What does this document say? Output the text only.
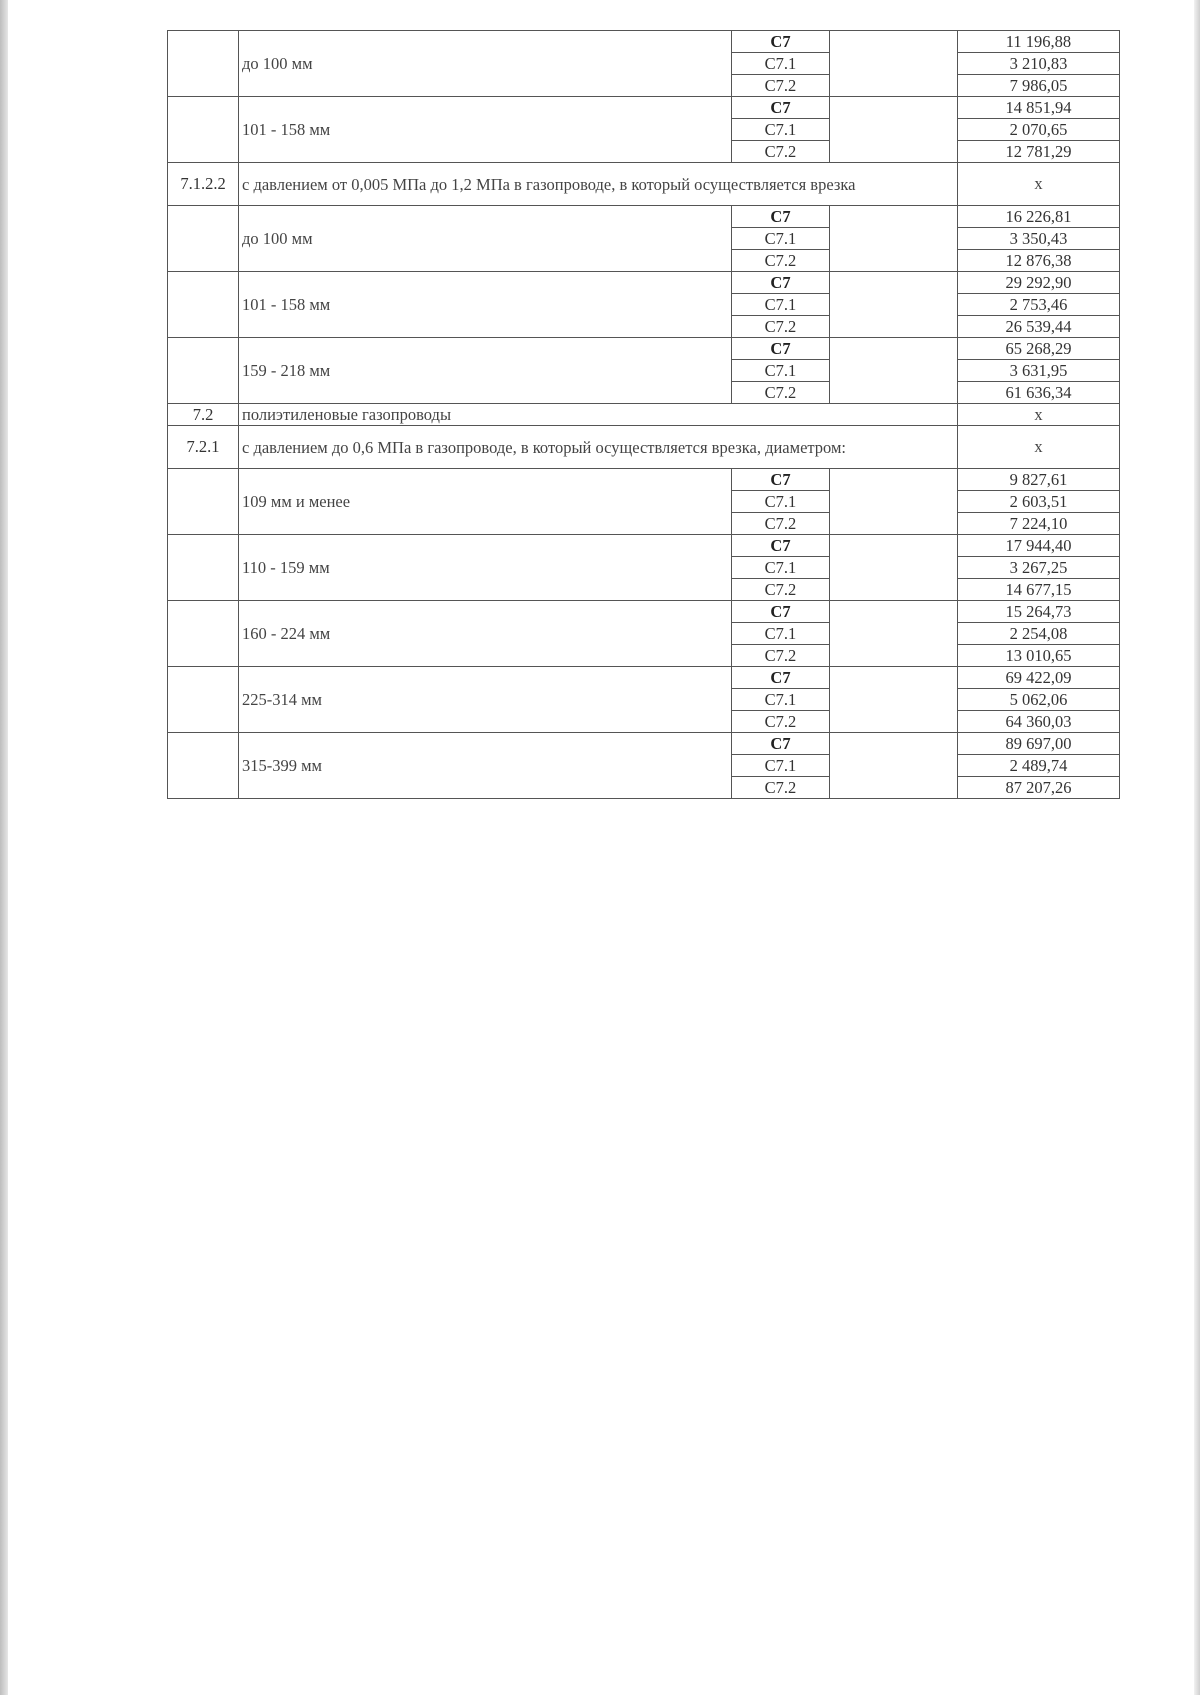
	до 100 мм	С7		11 196,88
		С7.1		3 210,83
		С7.2		7 986,05
	101 - 158 мм	С7		14 851,94
		С7.1		2 070,65
		С7.2		12 781,29
7.1.2.2	с давлением от 0,005 МПа до 1,2 МПа в газопроводе, в который осуществляется врезка			х
	до 100 мм	С7		16 226,81
		С7.1		3 350,43
		С7.2		12 876,38
	101 - 158 мм	С7		29 292,90
		С7.1		2 753,46
		С7.2		26 539,44
	159 - 218 мм	С7		65 268,29
		С7.1		3 631,95
		С7.2		61 636,34
7.2	полиэтиленовые газопроводы			х
7.2.1	с давлением до 0,6 МПа в газопроводе, в который осуществляется врезка, диаметром:			х
	109 мм и менее	С7		9 827,61
		С7.1		2 603,51
		С7.2		7 224,10
	110 - 159 мм	С7		17 944,40
		С7.1		3 267,25
		С7.2		14 677,15
	160 - 224 мм	С7		15 264,73
		С7.1		2 254,08
		С7.2		13 010,65
	225-314 мм	С7		69 422,09
		С7.1		5 062,06
		С7.2		64 360,03
	315-399 мм	С7		89 697,00
		С7.1		2 489,74
		С7.2		87 207,26
